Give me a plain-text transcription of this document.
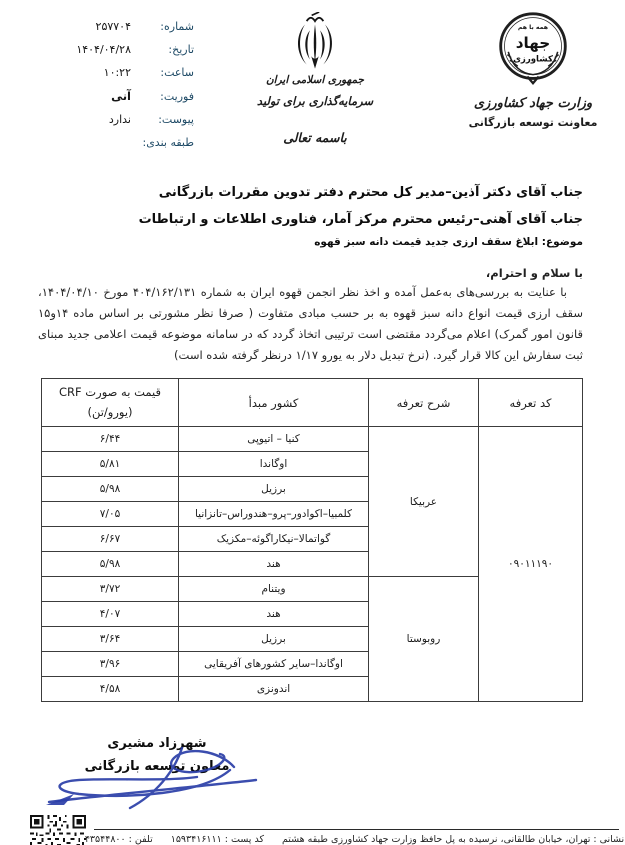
شماره:
۲۵۷۷۰۴
تاریخ:
۱۴۰۴/۰۴/۲۸
ساعت:
۱۰:۲۲
فوریت:
آنی
پیوست:
ندارد
طبقه بندی:
جمهوری اسلامی ایران
سرمایه‌گذاری برای تولید
باسمه تعالی
همه با هم
جهاد
کشاورزی
وزارت جهاد کشاورزی
معاونت توسعه بازرگانی
جناب آقای دکتر آذین–مدیر کل محترم دفتر تدوین مقررات بازرگانی
جناب آقای آهنی–رئیس محترم مرکز آمار، فناوری اطلاعات و ارتباطات
موضوع: ابلاغ سقف ارزی جدید قیمت دانه سبز قهوه
با سلام و احترام،

با عنایت به بررسی‌های به‌عمل آمده و اخذ نظر انجمن قهوه ایران به شماره ۴۰۴/۱۶۲/۱۳۱ مورخ ۱۴۰۴/۰۴/۱۰، سقف ارزی قیمت انواع دانه سبز قهوه به بر حسب مبادی متفاوت ( صرفا نظر مشورتی بر اساس ماده ۱۴و۱۵ قانون امور گمرک) اعلام می‌گردد مقتضی است ترتیبی اتخاذ گردد که در سامانه موضوعه قیمت اعلامی جدید مبنای ثبت سفارش این کالا قرار گیرد. (نرخ تبدیل دلار به یورو ۱/۱۷ درنظر گرفته شده است)

کد تعرفه	شرح تعرفه	کشور مبدأ	قیمت به صورت CRF
(یورو/تن)

۰۹۰۱۱۱۹۰	عربیکا	کنیا – اتیوپی	۶/۴۴
		اوگاندا	۵/۸۱
		برزیل	۵/۹۸
		کلمبیا–اکوادور–پرو–هندوراس–تانزانیا	۷/۰۵
		گواتمالا–نیکاراگوئه–مکزیک	۶/۶۷
		هند	۵/۹۸
	روبوستا	ویتنام	۳/۷۲
		هند	۴/۰۷
		برزیل	۳/۶۴
		اوگاندا–سایر کشورهای آفریقایی	۳/۹۶
		اندونزی	۴/۵۸
شهرزاد مشیری
معاون توسعه بازرگانی
نشانی : تهران، خیابان طالقانی، نرسیده به پل حافظ وزارت جهاد کشاورزی طبقه هشتم
کد پست : ۱۵۹۳۴۱۶۱۱۱
تلفن : ۴۳۵۴۴۸۰۰
